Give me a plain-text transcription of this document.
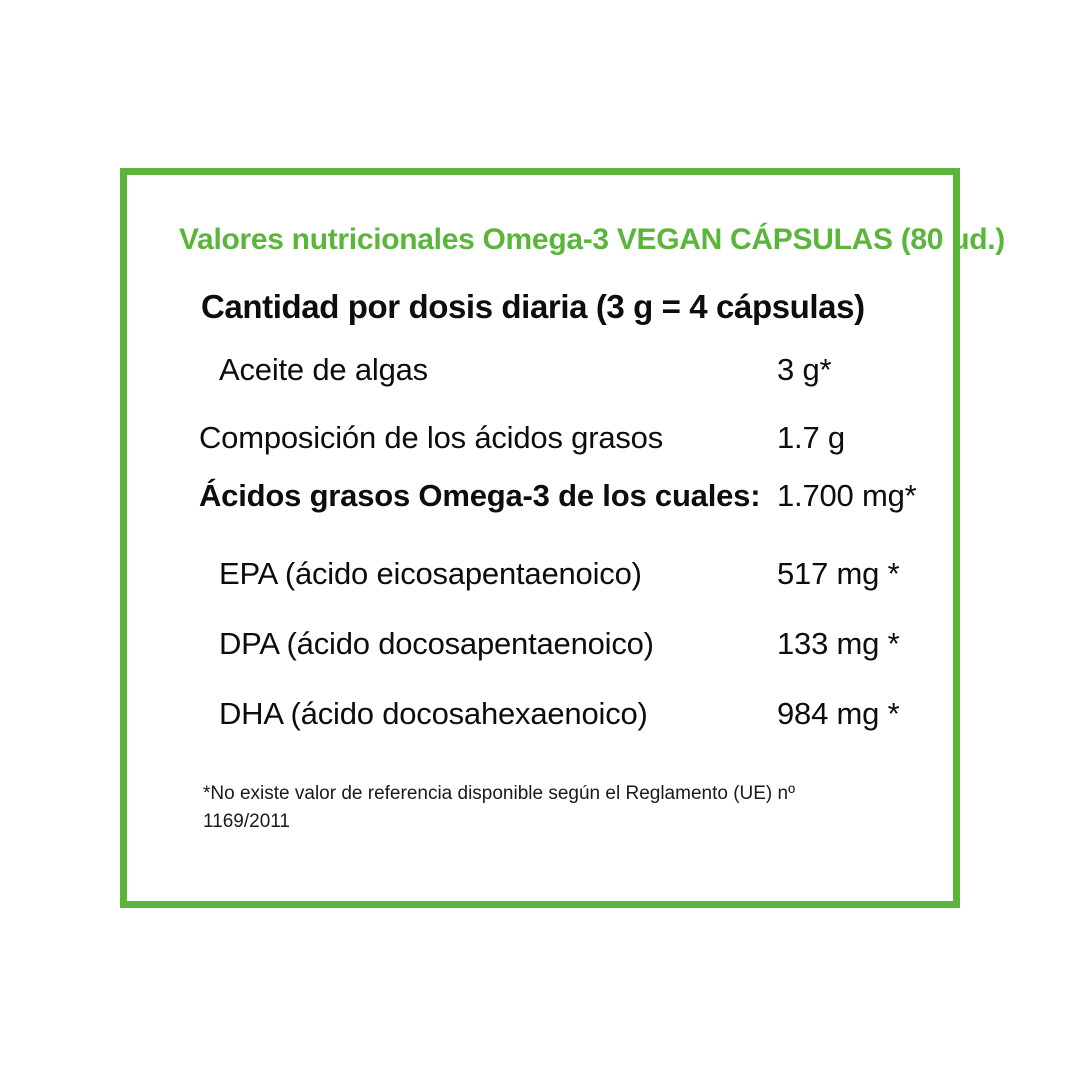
Valores nutricionales Omega-3 VEGAN CÁPSULAS (80 ud.)
Cantidad por dosis diaria (3 g = 4 cápsulas)
Aceite de algas	3 g*
Composición de los ácidos grasos	1.7 g
Ácidos grasos Omega-3 de los cuales: 1.700 mg*
EPA (ácido eicosapentaenoico)	517 mg *
DPA (ácido docosapentaenoico)	133 mg *
DHA (ácido docosahexaenoico)	984 mg *
*No existe valor de referencia disponible según el Reglamento (UE) nº 1169/2011
